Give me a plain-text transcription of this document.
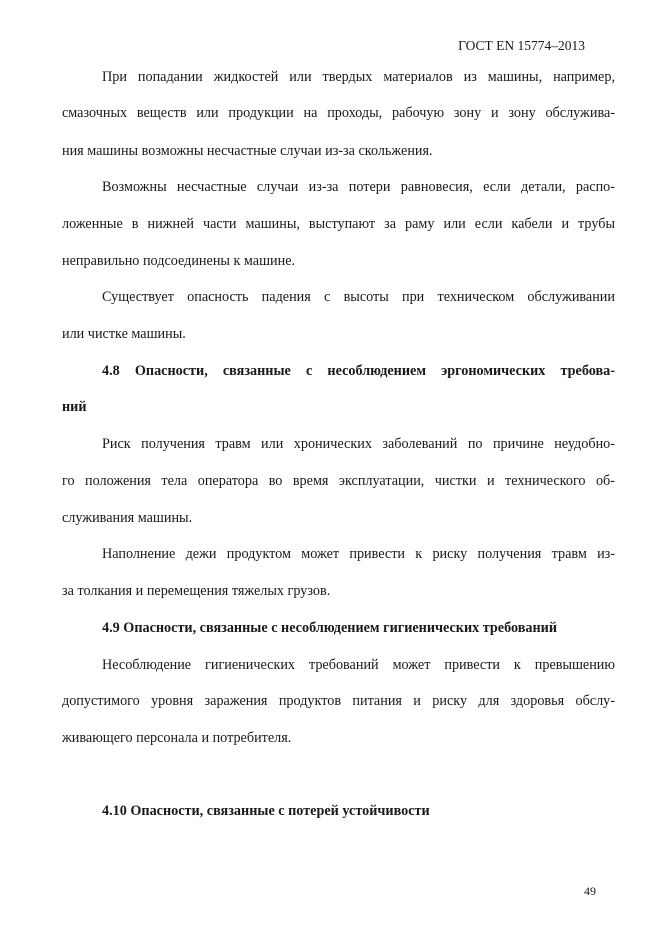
ГОСТ EN 15774–2013
При попадании жидкостей или твердых материалов из машины, например,
смазочных веществ или продукции на проходы, рабочую зону и зону обслужива-
ния машины возможны несчастные случаи из-за скольжения.
Возможны несчастные случаи из-за потери равновесия, если детали, распо-
ложенные в нижней части машины, выступают за раму или если кабели и трубы
неправильно подсоединены к машине.
Существует опасность падения с высоты при техническом обслуживании
или чистке машины.
4.8 Опасности, связанные с несоблюдением эргономических требова-
ний
Риск получения травм или хронических заболеваний по причине неудобно-
го положения тела оператора во время эксплуатации, чистки и технического об-
служивания машины.
Наполнение дежи продуктом может привести к риску получения травм из-
за толкания и перемещения тяжелых грузов.
4.9 Опасности, связанные с несоблюдением гигиенических требований
Несоблюдение гигиенических требований может привести к превышению
допустимого уровня заражения продуктов питания и риску для здоровья обслу-
живающего персонала и потребителя.
4.10 Опасности, связанные с потерей устойчивости
49
